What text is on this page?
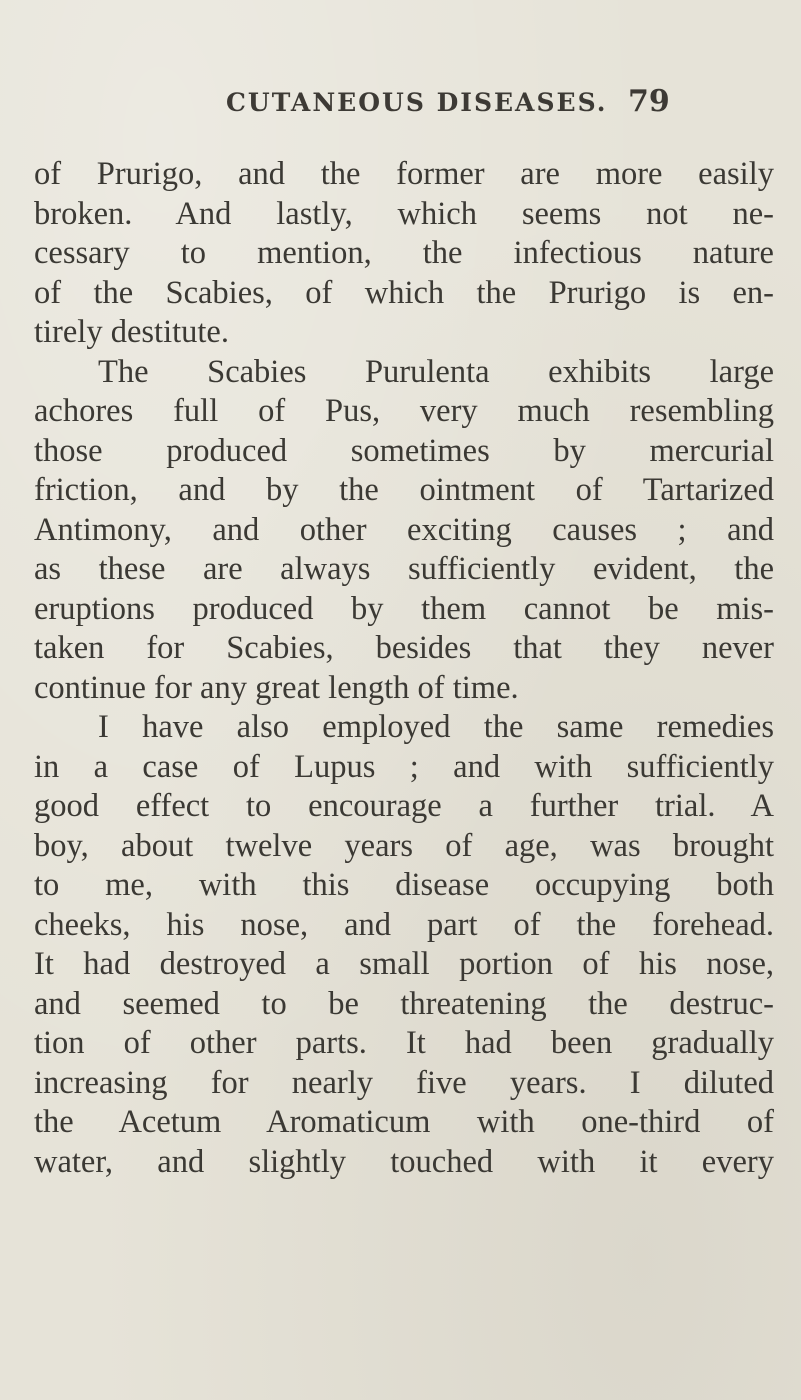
CUTANEOUS DISEASES. 79
of Prurigo, and the former are more easily
broken. And lastly, which seems not ne-
cessary to mention, the infectious nature
of the Scabies, of which the Prurigo is en-
tirely destitute.
The Scabies Purulenta exhibits large
achores full of Pus, very much resembling
those produced sometimes by mercurial
friction, and by the ointment of Tartarized
Antimony, and other exciting causes ; and
as these are always sufficiently evident, the
eruptions produced by them cannot be mis-
taken for Scabies, besides that they never
continue for any great length of time.
I have also employed the same remedies
in a case of Lupus ; and with sufficiently
good effect to encourage a further trial. A
boy, about twelve years of age, was brought
to me, with this disease occupying both
cheeks, his nose, and part of the forehead.
It had destroyed a small portion of his nose,
and seemed to be threatening the destruc-
tion of other parts. It had been gradually
increasing for nearly five years. I diluted
the Acetum Aromaticum with one-third of
water, and slightly touched with it every
